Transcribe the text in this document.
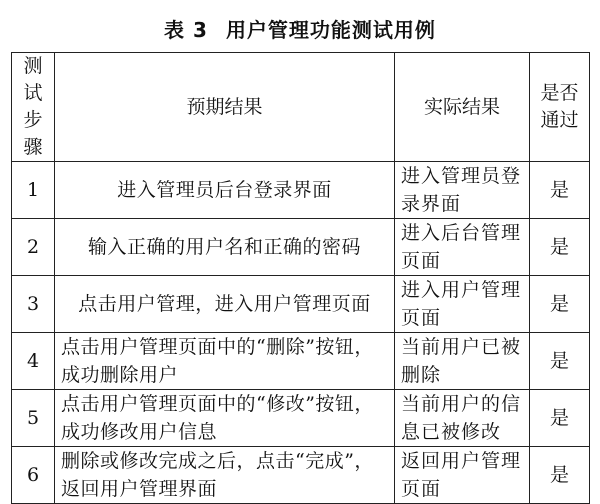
表 3 用户管理功能测试用例
测试步骤	预期结果	实际结果	是否通过
1	进入管理员后台登录界面	进入管理员登录界面	是
2	输入正确的用户名和正确的密码	进入后台管理页面	是
3	点击用户管理，进入用户管理页面	进入用户管理页面	是
4	点击用户管理页面中的“删除”按钮，成功删除用户	当前用户已被删除	是
5	点击用户管理页面中的“修改”按钮，成功修改用户信息	当前用户的信息已被修改	是
6	删除或修改完成之后，点击“完成”，返回用户管理界面	返回用户管理页面	是
